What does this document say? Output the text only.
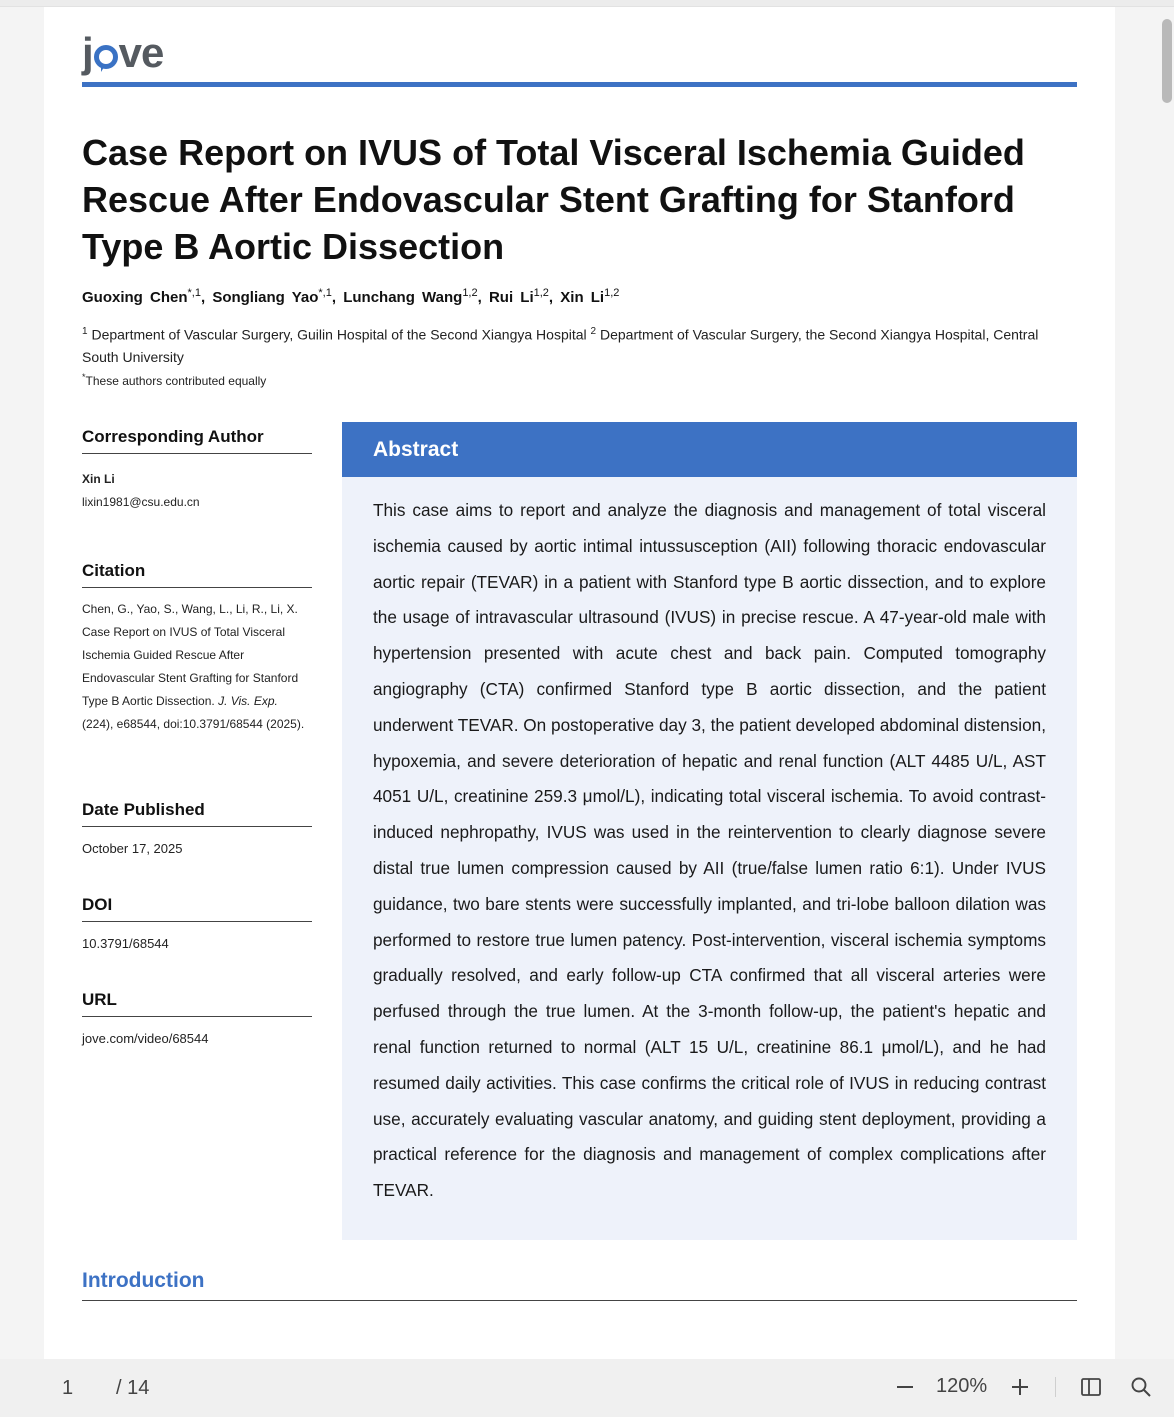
j ve
Case Report on IVUS of Total Visceral Ischemia Guided Rescue After Endovascular Stent Grafting for Stanford Type B Aortic Dissection
Guoxing Chen$^{*,1}$, Songliang Yao$^{*,1}$, Lunchang Wang$^{1,2}$, Rui Li$^{1,2}$, Xin Li$^{1,2}$
$^1$ Department of Vascular Surgery, Guilin Hospital of the Second Xiangya Hospital $^2$ Department of Vascular Surgery, the Second Xiangya Hospital, Central South University
*These authors contributed equally
Corresponding Author
Xin Li
lixin1981@csu.edu.cn
Citation
Chen, G., Yao, S., Wang, L., Li, R., Li, X. Case Report on IVUS of Total Visceral Ischemia Guided Rescue After Endovascular Stent Grafting for Stanford Type B Aortic Dissection. J. Vis. Exp. (224), e68544, doi:10.3791/68544 (2025).
Date Published
October 17, 2025
DOI
10.3791/68544
URL
jove.com/video/68544
Abstract
This case aims to report and analyze the diagnosis and management of total visceral ischemia caused by aortic intimal intussusception (AII) following thoracic endovascular aortic repair (TEVAR) in a patient with Stanford type B aortic dissection, and to explore the usage of intravascular ultrasound (IVUS) in precise rescue. A 47-year-old male with hypertension presented with acute chest and back pain. Computed tomography angiography (CTA) confirmed Stanford type B aortic dissection, and the patient underwent TEVAR. On postoperative day 3, the patient developed abdominal distension, hypoxemia, and severe deterioration of hepatic and renal function (ALT 4485 U/L, AST 4051 U/L, creatinine 259.3 μmol/L), indicating total visceral ischemia. To avoid contrast-induced nephropathy, IVUS was used in the reintervention to clearly diagnose severe distal true lumen compression caused by AII (true/false lumen ratio 6:1). Under IVUS guidance, two bare stents were successfully implanted, and tri-lobe balloon dilation was performed to restore true lumen patency. Post-intervention, visceral ischemia symptoms gradually resolved, and early follow-up CTA confirmed that all visceral arteries were perfused through the true lumen. At the 3-month follow-up, the patient's hepatic and renal function returned to normal (ALT 15 U/L, creatinine 86.1 μmol/L), and he had resumed daily activities. This case confirms the critical role of IVUS in reducing contrast use, accurately evaluating vascular anatomy, and guiding stent deployment, providing a practical reference for the diagnosis and management of complex complications after TEVAR.
Introduction
1 / 14	120%
